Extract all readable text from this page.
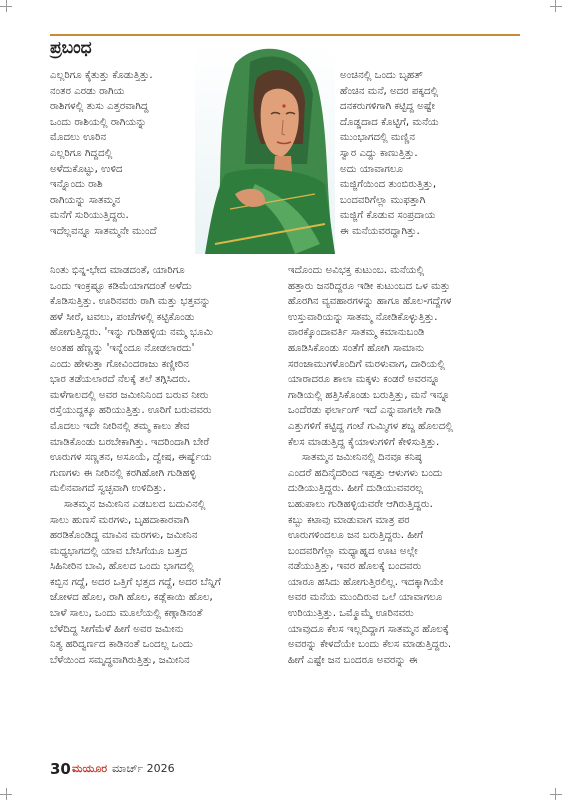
ಪ್ರಬಂಧ
ಎಲ್ಲರಿಗೂ ಕೈತುತ್ತು ಕೊಡುತ್ತಿತ್ತು.
ನಂತರ ಎರಡು ರಾಗಿಯ
ರಾಶಿಗಳಲ್ಲಿ ತುಸು ಎತ್ತರವಾಗಿದ್ದ
ಒಂದು ರಾಶಿಯಲ್ಲಿ ರಾಗಿಯನ್ನು
ಮೊದಲು ಊರಿನ
ಎಲ್ಲರಿಗೂ ಗಿದ್ದದಲ್ಲಿ
ಅಳೆದುಕೊಟ್ಟು, ಉಳಿದ
ಇನ್ನೊಂದು ರಾಶಿ
ರಾಗಿಯನ್ನು ಸಾತಮ್ಮನ
ಮನೆಗೆ ಸುರಿಯುತ್ತಿದ್ದರು.
ಇದೆಲ್ಲವನ್ನೂ ಸಾತಮ್ಮನೇ ಮುಂದೆ
ಅಂಚಿನಲ್ಲಿ ಒಂದು ಬೃಹತ್
ಹೆಂಚಿನ ಮನೆ, ಅದರ ಪಕ್ಕದಲ್ಲಿ
ದನಕರುಗಳಿಗಾಗಿ ಕಟ್ಟಿದ್ದ ಅಷ್ಟೇ
ದೊಡ್ಡದಾದ ಕೊಟ್ಟಿಗೆ, ಮನೆಯ
ಮುಂಭಾಗದಲ್ಲಿ ಮಣ್ಣಿನ
ಸ್ವಾರ ಎದ್ದು ಕಾಣುತ್ತಿತ್ತು.
ಅದು ಯಾವಾಗಲೂ
ಮಜ್ಜಿಗೆಯಿಂದ ತುಂಬಿರುತ್ತಿತ್ತು,
ಬಂದವರಿಗೆಲ್ಲಾ ಮುಫತ್ತಾಗಿ
ಮಜ್ಜಿಗೆ ಕೊಡುವ ಸಂಪ್ರದಾಯ
ಈ ಮನೆಯವರದ್ದಾಗಿತ್ತು.
ನಿಂತು ಭಿನ್ನ-ಭೇದ ಮಾಡದಂತೆ, ಯಾರಿಗೂ
ಒಂದು ಇಂಕ್ರಷ್ಟೂ ಕಡಿಮೆಯಾಗದಂತೆ ಅಳೆದು
ಕೊಡಿಸುತ್ತಿತ್ತು. ಊರಿನವರು ರಾಗಿ ಮತ್ತು ಭತ್ತವನ್ನು
ಹಳೆ ಸೀರೆ, ಟವಲು, ಪಂಚೆಗಳಲ್ಲಿ ಕಟ್ಟಿಕೊಂಡು
ಹೋಗುತ್ತಿದ್ದರು. 'ಇನ್ನು ಗುಡಿಹಳ್ಳಿಯ ನಮ್ಮ ಭೂಮಿ
ಅಂತಹ ಹೆಣ್ಣನ್ನು 'ಇನ್ನೆಂದೂ ನೋಡಲಾರದು'
ಎಂದು ಹೇಳುತ್ತಾ ಗೋವಿಂದರಾಜು ಕಣ್ಣೀರಿನ
ಭಾರ ತಡೆಯಲಾರದೆ ನೆಲಕ್ಕೆ ತಲೆ ತಗ್ಗಿಸಿದರು.
ಮಳೆಗಾಲದಲ್ಲಿ ಅವರ ಜಮೀನಿನಿಂದ ಬರುವ ನೀರು
ರಸ್ತೆಯುದ್ದಕ್ಕೂ ಹರಿಯುತ್ತಿತ್ತು. ಊರಿಗೆ ಬರುವವರು
ಮೊದಲು ಇದೇ ನೀರಿನಲ್ಲಿ ತಮ್ಮ ಕಾಲು ತೇವ
ಮಾಡಿಕೊಂಡು ಬರಬೇಕಾಗಿತ್ತು. ಇದರಿಂದಾಗಿ ಬೇರೆ
ಊರುಗಳ ಸಣ್ಣತನ, ಅಸೂಯೆ, ದ್ವೇಷ, ಈರ್ಷ್ಯೆಯ
ಗುಣಗಳು ಈ ನೀರಿನಲ್ಲಿ ಕರಗಿಹೋಗಿ ಗುಡಿಹಳ್ಳಿ
ಮಲಿನವಾಗದೆ ಸ್ವಚ್ಛವಾಗಿ ಉಳಿದಿತ್ತು.
ಸಾತಮ್ಮನ ಜಮೀನಿನ ಎಡಬಲದ ಬದುವಿನಲ್ಲಿ
ಸಾಲು ಹುಣಸೆ ಮರಗಳು, ಬೃಹದಾಕಾರವಾಗಿ
ಹರಡಿಕೊಂಡಿದ್ದ ಮಾವಿನ ಮರಗಳು, ಜಮೀನಿನ
ಮಧ್ಯಭಾಗದಲ್ಲಿ ಯಾವ ಬೇಸಿಗೆಯೂ ಬತ್ತದ
ಸಿಹಿನೀರಿನ ಬಾವಿ, ಹೊಲದ ಒಂದು ಭಾಗದಲ್ಲಿ
ಕಬ್ಬಿನ ಗದ್ದೆ, ಅದರ ಒತ್ತಿಗೆ ಭತ್ತದ ಗದ್ದೆ, ಅದರ ಬೆನ್ನಿಗೆ
ಜೋಳದ ಹೊಲ, ರಾಗಿ ಹೊಲ, ಕಡ್ಲೆಕಾಯಿ ಹೊಲ,
ಬಾಳೆ ಸಾಲು, ಒಂದು ಮೂಲೆಯಲ್ಲಿ ಕಣ್ಗಾಡಿನಂತೆ
ಬೆಳೆದಿದ್ದ ಸೀಗೆಮೆಳೆ ಹೀಗೆ ಅವರ ಜಮೀನು
ನಿತ್ಯ ಹರಿದ್ವರ್ಣದ ಕಾಡಿನಂತೆ ಒಂದಲ್ಲ ಒಂದು
ಬೆಳೆಯಿಂದ ಸಮೃದ್ಧವಾಗಿರುತ್ತಿತ್ತು, ಜಮೀನಿನ
ಇದೊಂದು ಅವಿಭಕ್ತ ಕುಟುಂಬ. ಮನೆಯಲ್ಲಿ
ಹತ್ತಾರು ಜನರಿದ್ದರೂ ಇಡೀ ಕುಟುಂಬದ ಒಳ ಮತ್ತು
ಹೊರಗಿನ ವ್ಯವಹಾರಗಳನ್ನು ಹಾಗೂ ಹೊಲ-ಗದ್ದೆಗಳ
ಉಸ್ತುವಾರಿಯನ್ನು ಸಾತಮ್ಮ ನೋಡಿಕೊಳ್ಳುತ್ತಿತ್ತು.
ವಾರಕ್ಕೊಂದಾವರ್ತಿ ಸಾತಮ್ಮ ಕಮಾನುಬಂಡಿ
ಹೂಡಿಸಿಕೊಂಡು ಸಂತೆಗೆ ಹೋಗಿ ಸಾಮಾನು
ಸರಂಜಾಮುಗಳೊಂದಿಗೆ ಮರಳುವಾಗ, ದಾರಿಯಲ್ಲಿ
ಯಾರಾದರೂ ಶಾಲಾ ಮಕ್ಕಳು ಕಂಡರೆ ಅವರನ್ನೂ
ಗಾಡಿಯಲ್ಲಿ ಹತ್ತಿಸಿಕೊಂಡು ಬರುತ್ತಿತ್ತು, ಮನೆ ಇನ್ನೂ
ಒಂದೆರಡು ಫರ್ಲಾಂಗ್ ಇದೆ ಎನ್ನುವಾಗಲೇ ಗಾಡಿ
ಎತ್ತುಗಳಿಗೆ ಕಟ್ಟಿದ್ದ ಗಂಟೆ ಗುಮ್ಮಿಗಳ ಶಬ್ದ ಹೊಲದಲ್ಲಿ
ಕೆಲಸ ಮಾಡುತ್ತಿದ್ದ ಕೈಯಾಳುಗಳಿಗೆ ಕೇಳಿಸುತ್ತಿತ್ತು.
ಸಾತಮ್ಮನ ಜಮೀನಿನಲ್ಲಿ ದಿನವೂ ಕನಿಷ್ಠ
ಎಂದರೆ ಹದಿನೈದರಿಂದ ಇಪ್ಪತ್ತು ಆಳುಗಳು ಬಂದು
ದುಡಿಯುತ್ತಿದ್ದರು. ಹೀಗೆ ದುಡಿಯುವವರಲ್ಲ
ಬಹುಪಾಲು ಗುಡಿಹಳ್ಳಿಯವರೇ ಆಗಿರುತ್ತಿದ್ದರು.
ಕಬ್ಬು ಕಟಾವು ಮಾಡುವಾಗ ಮಾತ್ರ ಪರ
ಊರುಗಳಿಂದಲೂ ಜನ ಬರುತ್ತಿದ್ದರು. ಹೀಗೆ
ಬಂದವರಿಗೆಲ್ಲಾ ಮಧ್ಯಾಹ್ನದ ಊಟ ಅಲ್ಲೇ
ನಡೆಯುತ್ತಿತ್ತು, ಇವರ ಹೊಲಕ್ಕೆ ಬಂದವರು
ಯಾರೂ ಹಸಿದು ಹೋಗುತ್ತಿರಲಿಲ್ಲ. ಇದಕ್ಕಾಗಿಯೇ
ಅವರ ಮನೆಯ ಮುಂದಿರುವ ಒಲೆ ಯಾವಾಗಲೂ
ಉರಿಯುತ್ತಿತ್ತು. ಒಮ್ಮೊಮ್ಮೆ ಊರಿನವರು
ಯಾವುದೂ ಕೆಲಸ ಇಲ್ಲದಿದ್ದಾಗ ಸಾತಮ್ಮನ ಹೊಲಕ್ಕೆ
ಅವರನ್ನು ಕೇಳದೆಯೇ ಬಂದು ಕೆಲಸ ಮಾಡುತ್ತಿದ್ದರು.
ಹೀಗೆ ಎಷ್ಟೇ ಜನ ಬಂದರೂ ಅವರನ್ನು ಈ
30 ಮಯೂರ ಮಾರ್ಚ್ 2026
